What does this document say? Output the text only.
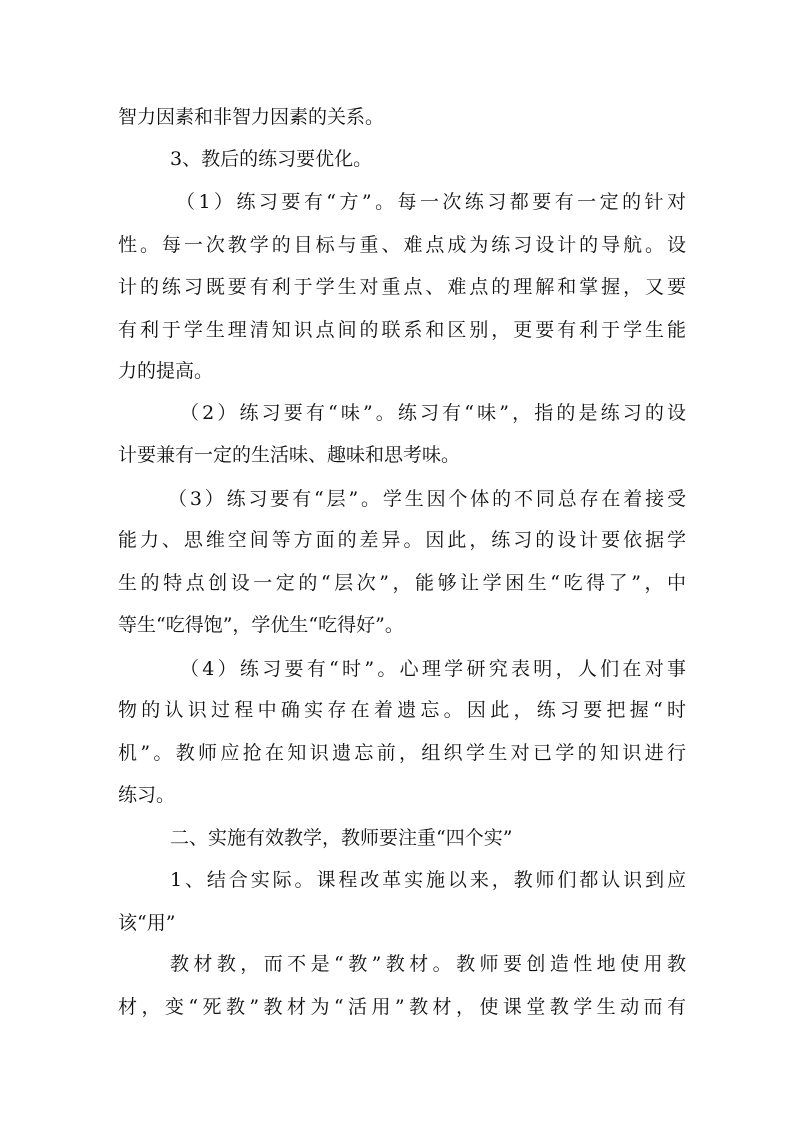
智力因素和非智力因素的关系。
3、教后的练习要优化。
（1）练习要有“方”。每一次练习都要有一定的针对
性。每一次教学的目标与重、难点成为练习设计的导航。设
计的练习既要有利于学生对重点、难点的理解和掌握，又要
有利于学生理清知识点间的联系和区别，更要有利于学生能
力的提高。
（2）练习要有“味”。练习有“味”，指的是练习的设
计要兼有一定的生活味、趣味和思考味。
（3）练习要有“层”。学生因个体的不同总存在着接受
能力、思维空间等方面的差异。因此，练习的设计要依据学
生的特点创设一定的“层次”，能够让学困生“吃得了”，中
等生“吃得饱”，学优生“吃得好”。
（4）练习要有“时”。心理学研究表明，人们在对事
物的认识过程中确实存在着遗忘。因此，练习要把握“时
机”。教师应抢在知识遗忘前，组织学生对已学的知识进行
练习。
二、实施有效教学，教师要注重“四个实”
1、结合实际。课程改革实施以来，教师们都认识到应
该“用”
教材教，而不是“教”教材。教师要创造性地使用教
材，变“死教”教材为“活用”教材，使课堂教学生动而有
